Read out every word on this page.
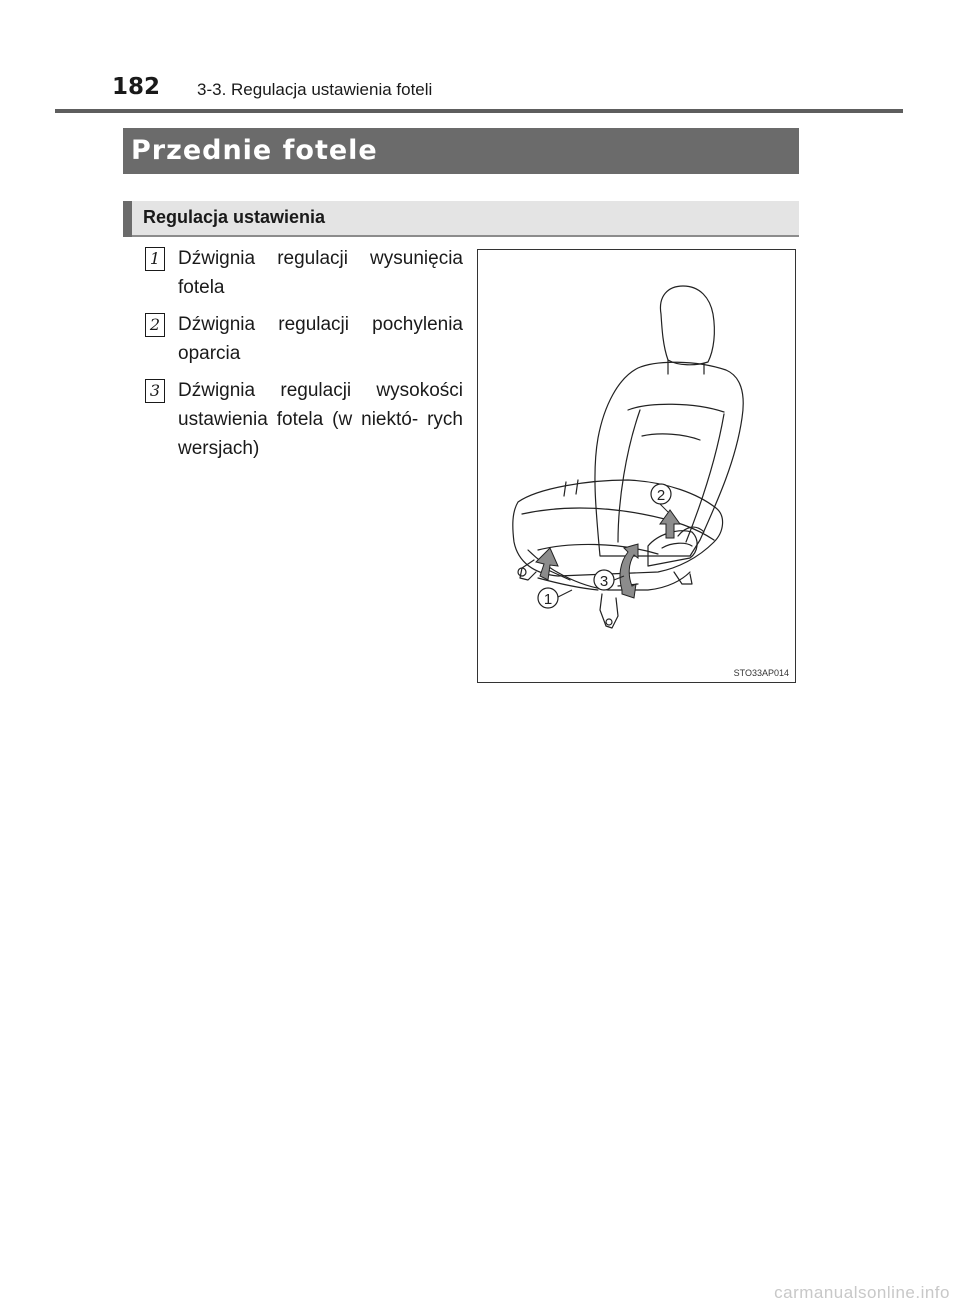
182 3-3. Regulacja ustawienia foteli
Przednie fotele
Regulacja ustawienia
1 Dźwignia regulacji wysunięcia fotela
2 Dźwignia regulacji pochylenia oparcia
3 Dźwignia regulacji wysokości ustawienia fotela (w niektó- rych wersjach)
1
2
3
STO33AP014
carmanualsonline.info
